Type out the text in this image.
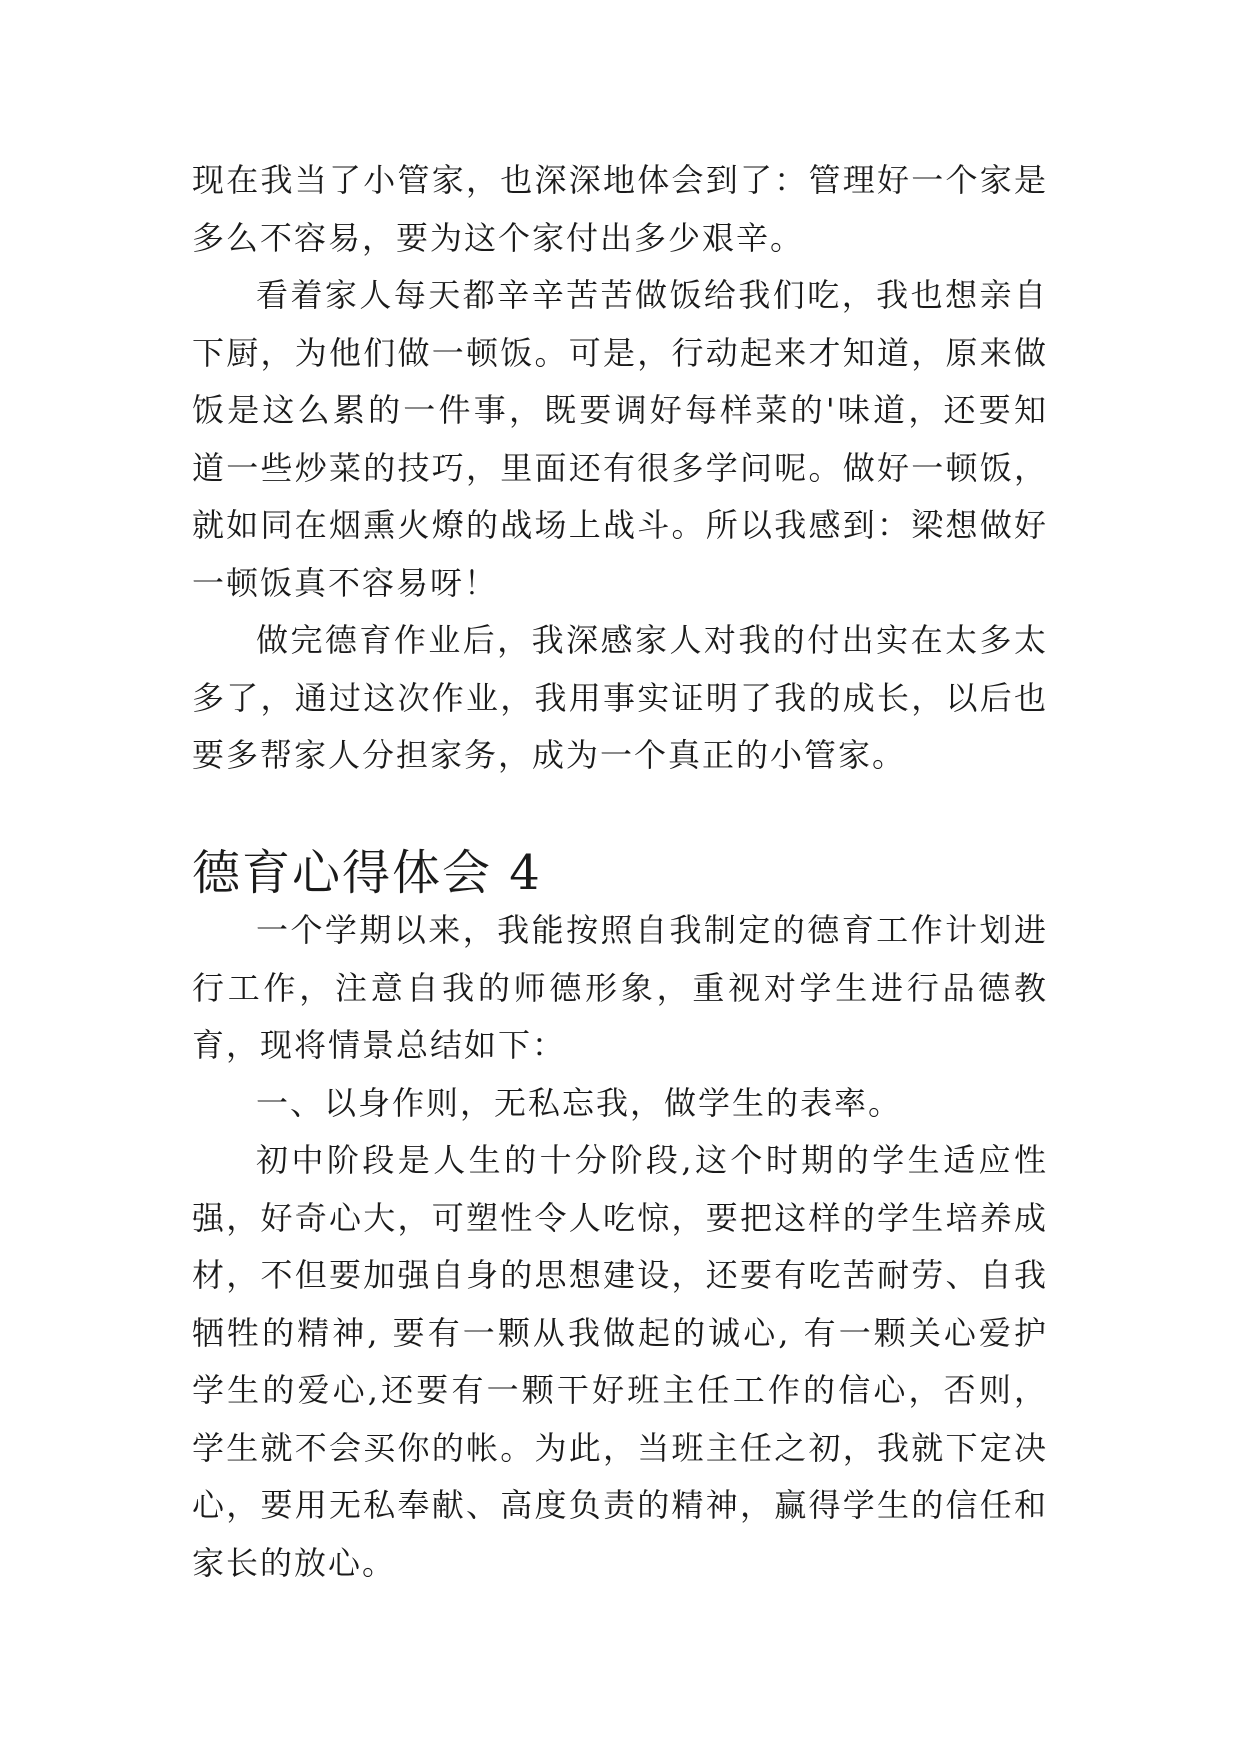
现在我当了小管家，也深深地体会到了：管理好一个家是多么不容易，要为这个家付出多少艰辛。

看着家人每天都辛辛苦苦做饭给我们吃，我也想亲自下厨，为他们做一顿饭。可是，行动起来才知道，原来做饭是这么累的一件事，既要调好每样菜的'味道，还要知道一些炒菜的技巧，里面还有很多学问呢。做好一顿饭，就如同在烟熏火燎的战场上战斗。所以我感到：梁想做好一顿饭真不容易呀！

做完德育作业后，我深感家人对我的付出实在太多太多了，通过这次作业，我用事实证明了我的成长，以后也要多帮家人分担家务，成为一个真正的小管家。

德育心得体会 4

一个学期以来，我能按照自我制定的德育工作计划进行工作，注意自我的师德形象，重视对学生进行品德教育，现将情景总结如下：

一、以身作则，无私忘我，做学生的表率。

初中阶段是人生的十分阶段,这个时期的学生适应性强，好奇心大，可塑性令人吃惊，要把这样的学生培养成材，不但要加强自身的思想建设，还要有吃苦耐劳、自我牺牲的精神, 要有一颗从我做起的诚心, 有一颗关心爱护学生的爱心,还要有一颗干好班主任工作的信心，否则，学生就不会买你的帐。为此，当班主任之初，我就下定决心，要用无私奉献、高度负责的精神，赢得学生的信任和家长的放心。
